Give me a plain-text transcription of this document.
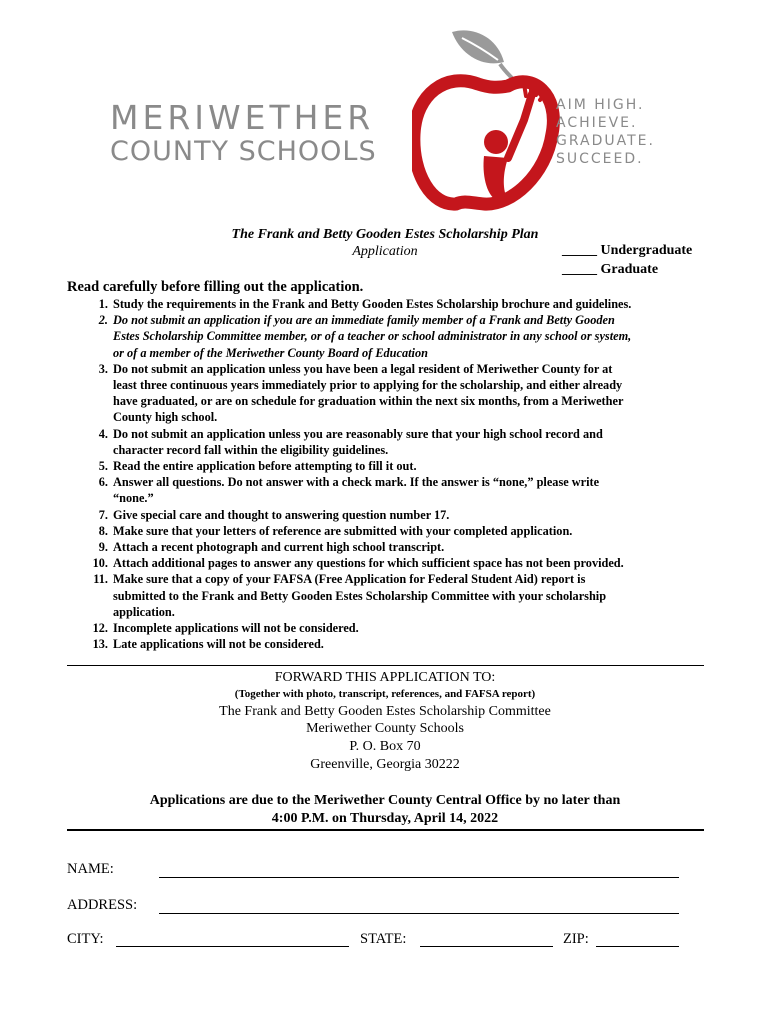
MERIWETHER
COUNTY SCHOOLS
AIM HIGH.
ACHIEVE.
GRADUATE.
SUCCEED.
The Frank and Betty Gooden Estes Scholarship Plan
Application	_____ Undergraduate
_____ Graduate
Read carefully before filling out the application.
1. Study the requirements in the Frank and Betty Gooden Estes Scholarship brochure and guidelines.
2. Do not submit an application if you are an immediate family member of a Frank and Betty Gooden
Estes Scholarship Committee member, or of a teacher or school administrator in any school or system,
or of a member of the Meriwether County Board of Education
3. Do not submit an application unless you have been a legal resident of Meriwether County for at
least three continuous years immediately prior to applying for the scholarship, and either already
have graduated, or are on schedule for graduation within the next six months, from a Meriwether
County high school.
4. Do not submit an application unless you are reasonably sure that your high school record and
character record fall within the eligibility guidelines.
5. Read the entire application before attempting to fill it out.
6. Answer all questions. Do not answer with a check mark. If the answer is “none,” please write
“none.”
7. Give special care and thought to answering question number 17.
8. Make sure that your letters of reference are submitted with your completed application.
9. Attach a recent photograph and current high school transcript.
10. Attach additional pages to answer any questions for which sufficient space has not been provided.
11. Make sure that a copy of your FAFSA (Free Application for Federal Student Aid) report is
submitted to the Frank and Betty Gooden Estes Scholarship Committee with your scholarship
application.
12. Incomplete applications will not be considered.
13. Late applications will not be considered.
FORWARD THIS APPLICATION TO:
(Together with photo, transcript, references, and FAFSA report)
The Frank and Betty Gooden Estes Scholarship Committee
Meriwether County Schools
P. O. Box 70
Greenville, Georgia 30222
Applications are due to the Meriwether County Central Office by no later than
4:00 P.M. on Thursday, April 14, 2022
NAME:
ADDRESS:
CITY:	STATE:	ZIP:
